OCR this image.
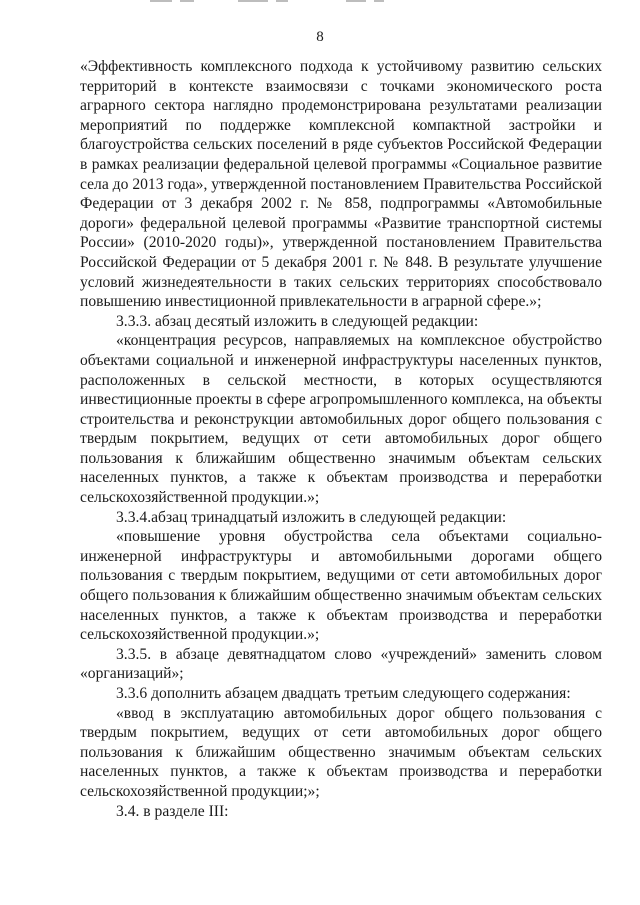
8

«Эффективность комплексного подхода к устойчивому развитию сельских территорий в контексте взаимосвязи с точками экономического роста аграрного сектора наглядно продемонстрирована результатами реализации мероприятий по поддержке комплексной компактной застройки и благоустройства сельских поселений в ряде субъектов Российской Федерации в рамках реализации федеральной целевой программы «Социальное развитие села до 2013 года», утвержденной постановлением Правительства Российской Федерации от 3 декабря 2002 г. № 858, подпрограммы «Автомобильные дороги» федеральной целевой программы «Развитие транспортной системы России» (2010-2020 годы)», утвержденной постановлением Правительства Российской Федерации от 5 декабря 2001 г. № 848. В результате улучшение условий жизнедеятельности в таких сельских территориях способствовало повышению инвестиционной привлекательности в аграрной сфере.»;

3.3.3. абзац десятый изложить в следующей редакции:

«концентрация ресурсов, направляемых на комплексное обустройство объектами социальной и инженерной инфраструктуры населенных пунктов, расположенных в сельской местности, в которых осуществляются инвестиционные проекты в сфере агропромышленного комплекса, на объекты строительства и реконструкции автомобильных дорог общего пользования с твердым покрытием, ведущих от сети автомобильных дорог общего пользования к ближайшим общественно значимым объектам сельских населенных пунктов, а также к объектам производства и переработки сельскохозяйственной продукции.»;

3.3.4.абзац тринадцатый изложить в следующей редакции:

«повышение уровня обустройства села объектами социально-инженерной инфраструктуры и автомобильными дорогами общего пользования с твердым покрытием, ведущими от сети автомобильных дорог общего пользования к ближайшим общественно значимым объектам сельских населенных пунктов, а также к объектам производства и переработки сельскохозяйственной продукции.»;

3.3.5. в абзаце девятнадцатом слово «учреждений» заменить словом «организаций»;

3.3.6 дополнить абзацем двадцать третьим следующего содержания:

«ввод в эксплуатацию автомобильных дорог общего пользования с твердым покрытием, ведущих от сети автомобильных дорог общего пользования к ближайшим общественно значимым объектам сельских населенных пунктов, а также к объектам производства и переработки сельскохозяйственной продукции;»;

3.4. в разделе III:
